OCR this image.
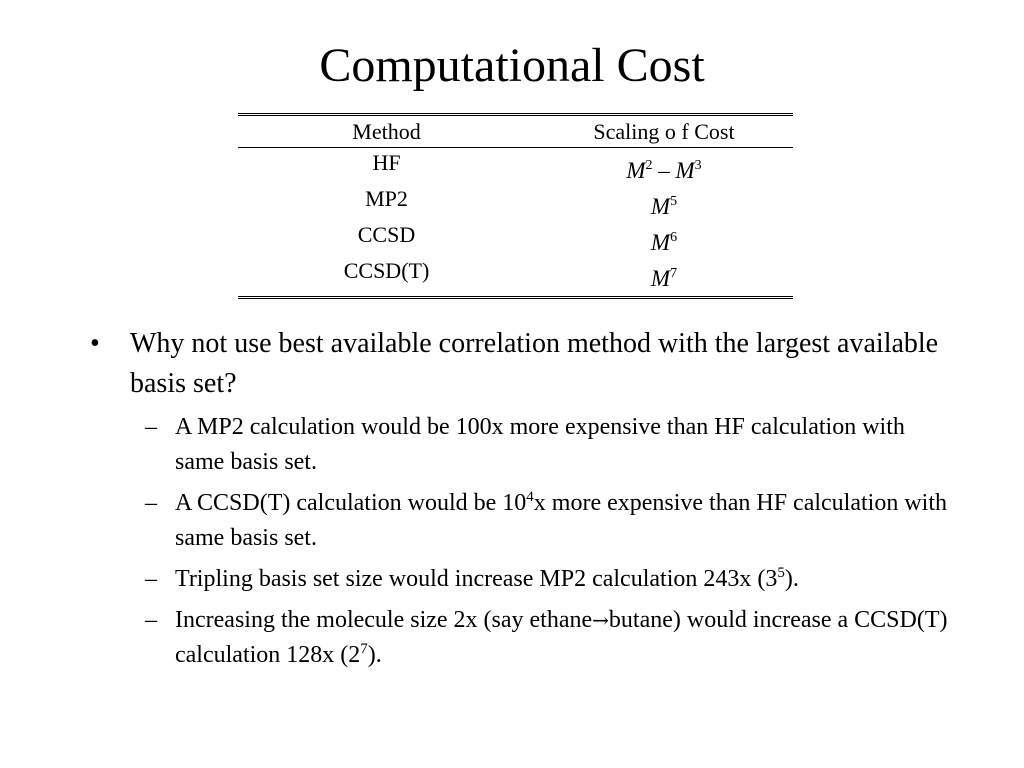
Computational Cost
Method	Scaling o f Cost
HF	$M^2 - M^3$
MP2	$M^5$
CCSD	$M^6$
CCSD(T)	$M^7$
• Why not use best available correlation method with the largest available basis set?
– A MP2 calculation would be 100x more expensive than HF calculation with same basis set.
– A CCSD(T) calculation would be $10^4x$ more expensive than HF calculation with same basis set.
– Tripling basis set size would increase MP2 calculation 243x $(3^5)$.
– Increasing the molecule size 2x (say ethane→butane) would increase a CCSD(T) calculation 128x $(2^7)$.
